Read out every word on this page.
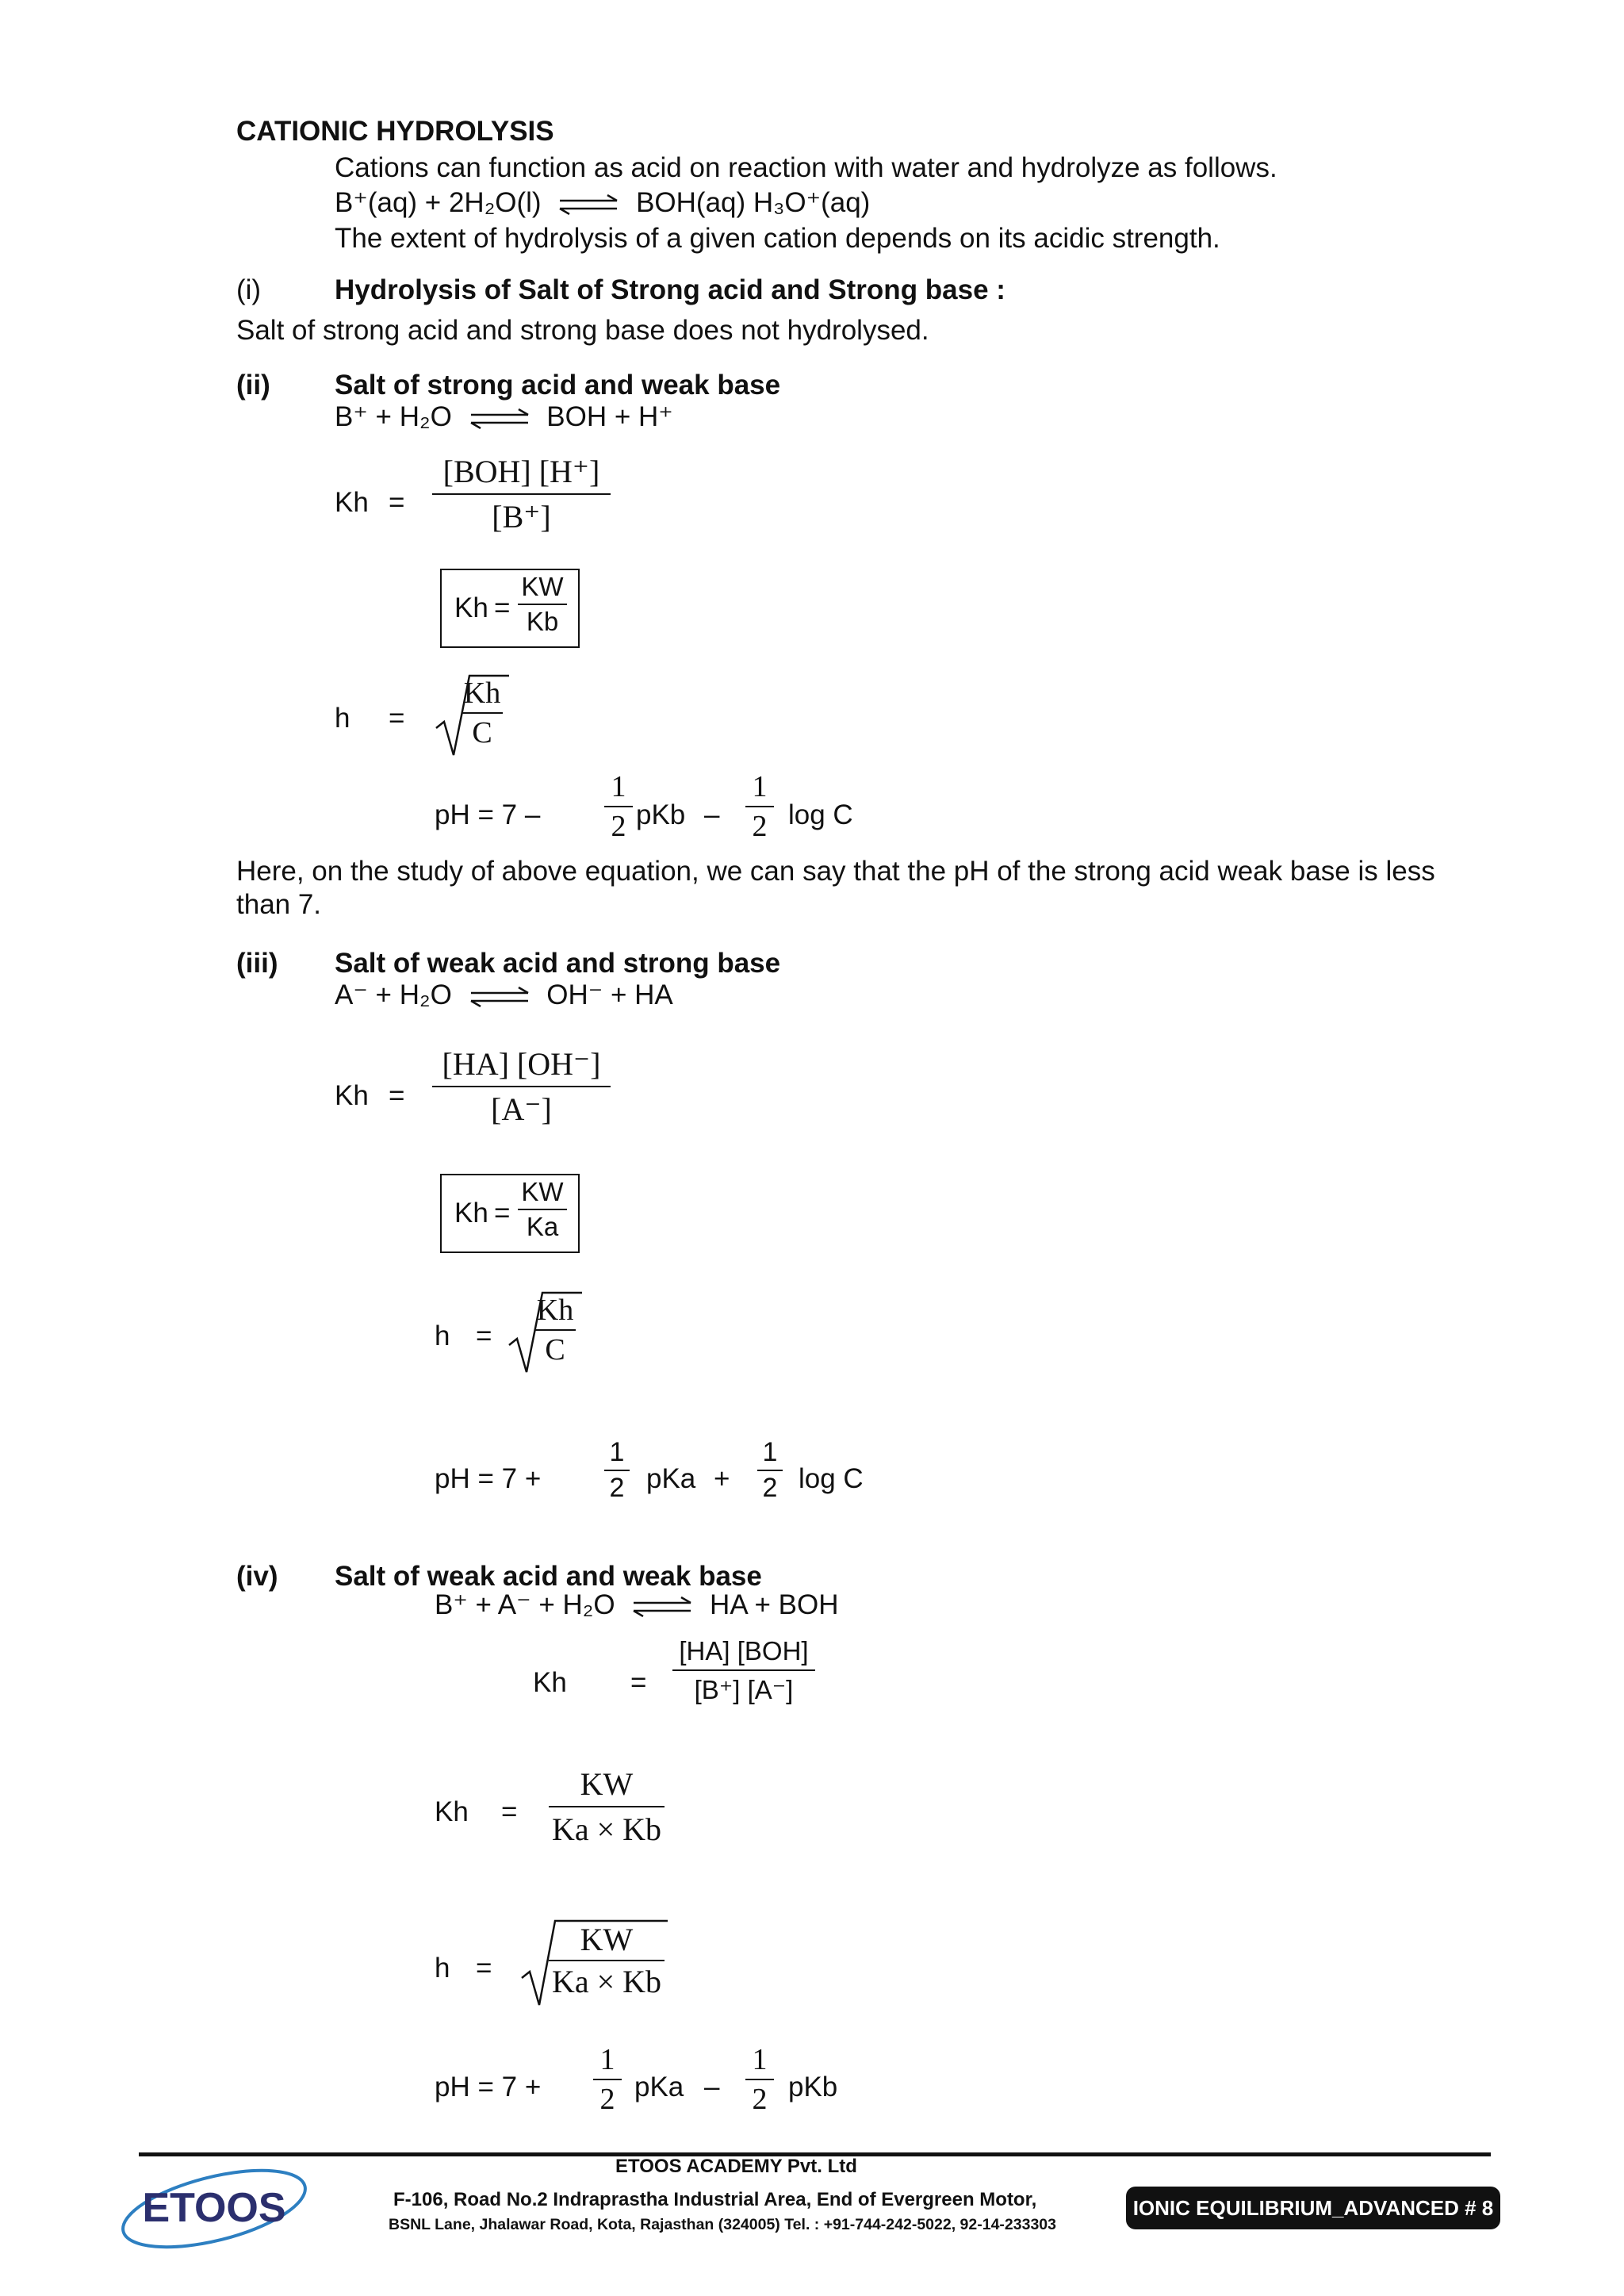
CATIONIC HYDROLYSIS
Cations can function as acid on reaction with water and hydrolyze as follows.
B⁺(aq) + 2H₂O(l) ⇌ BOH(aq) H₃O⁺(aq)
The extent of hydrolysis of a given cation depends on its acidic strength.
(i)	Hydrolysis of Salt of Strong acid and Strong base :
Salt of strong acid and strong base does not hydrolysed.
(ii) Salt of strong acid and weak base
B⁺ + H₂O ⇌ BOH + H⁺
Kh =
[BOH] [H⁺]
[B⁺]
Kh =
KW
Kb
h =
Kh
C
pH = 7 –
1
2 pKb –
1
2 log C
Here, on the study of above equation, we can say that the pH of the strong acid weak base is less than 7.
(iii) Salt of weak acid and strong base
A⁻ + H₂O ⇌ OH⁻ + HA
Kh =
[HA] [OH⁻]
[A⁻]
Kh =
KW
Ka
h =
Kh
C
pH = 7 +
1
2 pKa +
1
2 log C
(iv) Salt of weak acid and weak base
B⁺ + A⁻ + H₂O ⇌ HA + BOH
Kh =
[HA] [BOH]
[B⁺] [A⁻]
Kh =
KW
Ka × Kb
h =
KW
Ka × Kb
pH = 7 +
1
2 pKa –
1
2 pKb
ETOOS
ETOOS ACADEMY Pvt. Ltd
F-106, Road No.2 Indraprastha Industrial Area, End of Evergreen Motor,
BSNL Lane, Jhalawar Road, Kota, Rajasthan (324005) Tel. : +91-744-242-5022, 92-14-233303
IONIC EQUILIBRIUM_ADVANCED # 8
